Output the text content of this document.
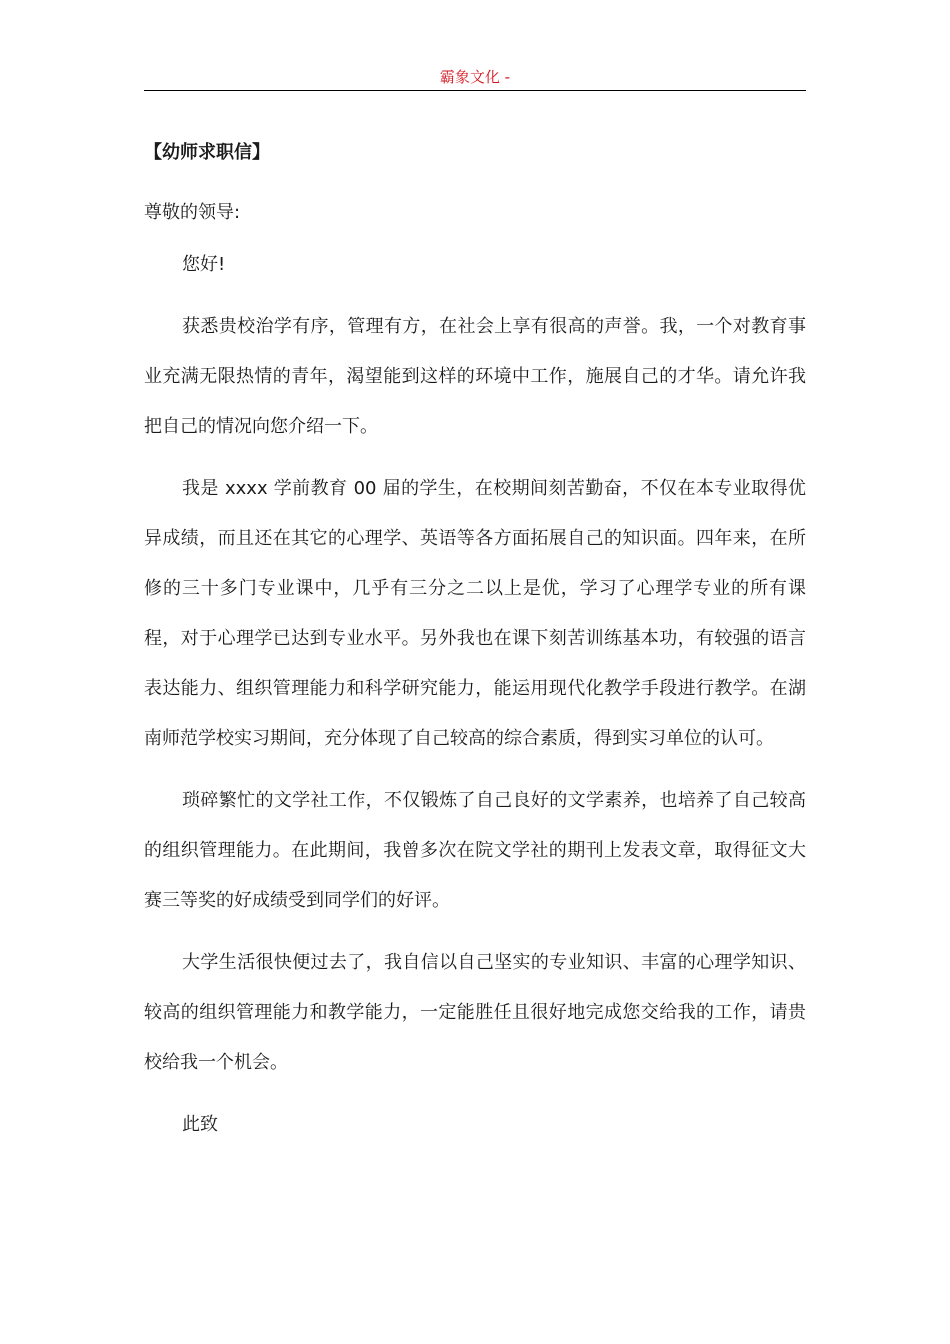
霸象文化 -

【幼师求职信】

尊敬的领导:

您好!

获悉贵校治学有序，管理有方，在社会上享有很高的声誉。我，一个对教育事业充满无限热情的青年，渴望能到这样的环境中工作，施展自己的才华。请允许我把自己的情况向您介绍一下。

我是 xxxx 学前教育 00 届的学生，在校期间刻苦勤奋，不仅在本专业取得优异成绩，而且还在其它的心理学、英语等各方面拓展自己的知识面。四年来，在所修的三十多门专业课中，几乎有三分之二以上是优，学习了心理学专业的所有课程，对于心理学已达到专业水平。另外我也在课下刻苦训练基本功，有较强的语言表达能力、组织管理能力和科学研究能力，能运用现代化教学手段进行教学。在湖南师范学校实习期间，充分体现了自己较高的综合素质，得到实习单位的认可。

琐碎繁忙的文学社工作，不仅锻炼了自己良好的文学素养，也培养了自己较高的组织管理能力。在此期间，我曾多次在院文学社的期刊上发表文章，取得征文大赛三等奖的好成绩受到同学们的好评。

大学生活很快便过去了，我自信以自己坚实的专业知识、丰富的心理学知识、较高的组织管理能力和教学能力，一定能胜任且很好地完成您交给我的工作，请贵校给我一个机会。

此致
